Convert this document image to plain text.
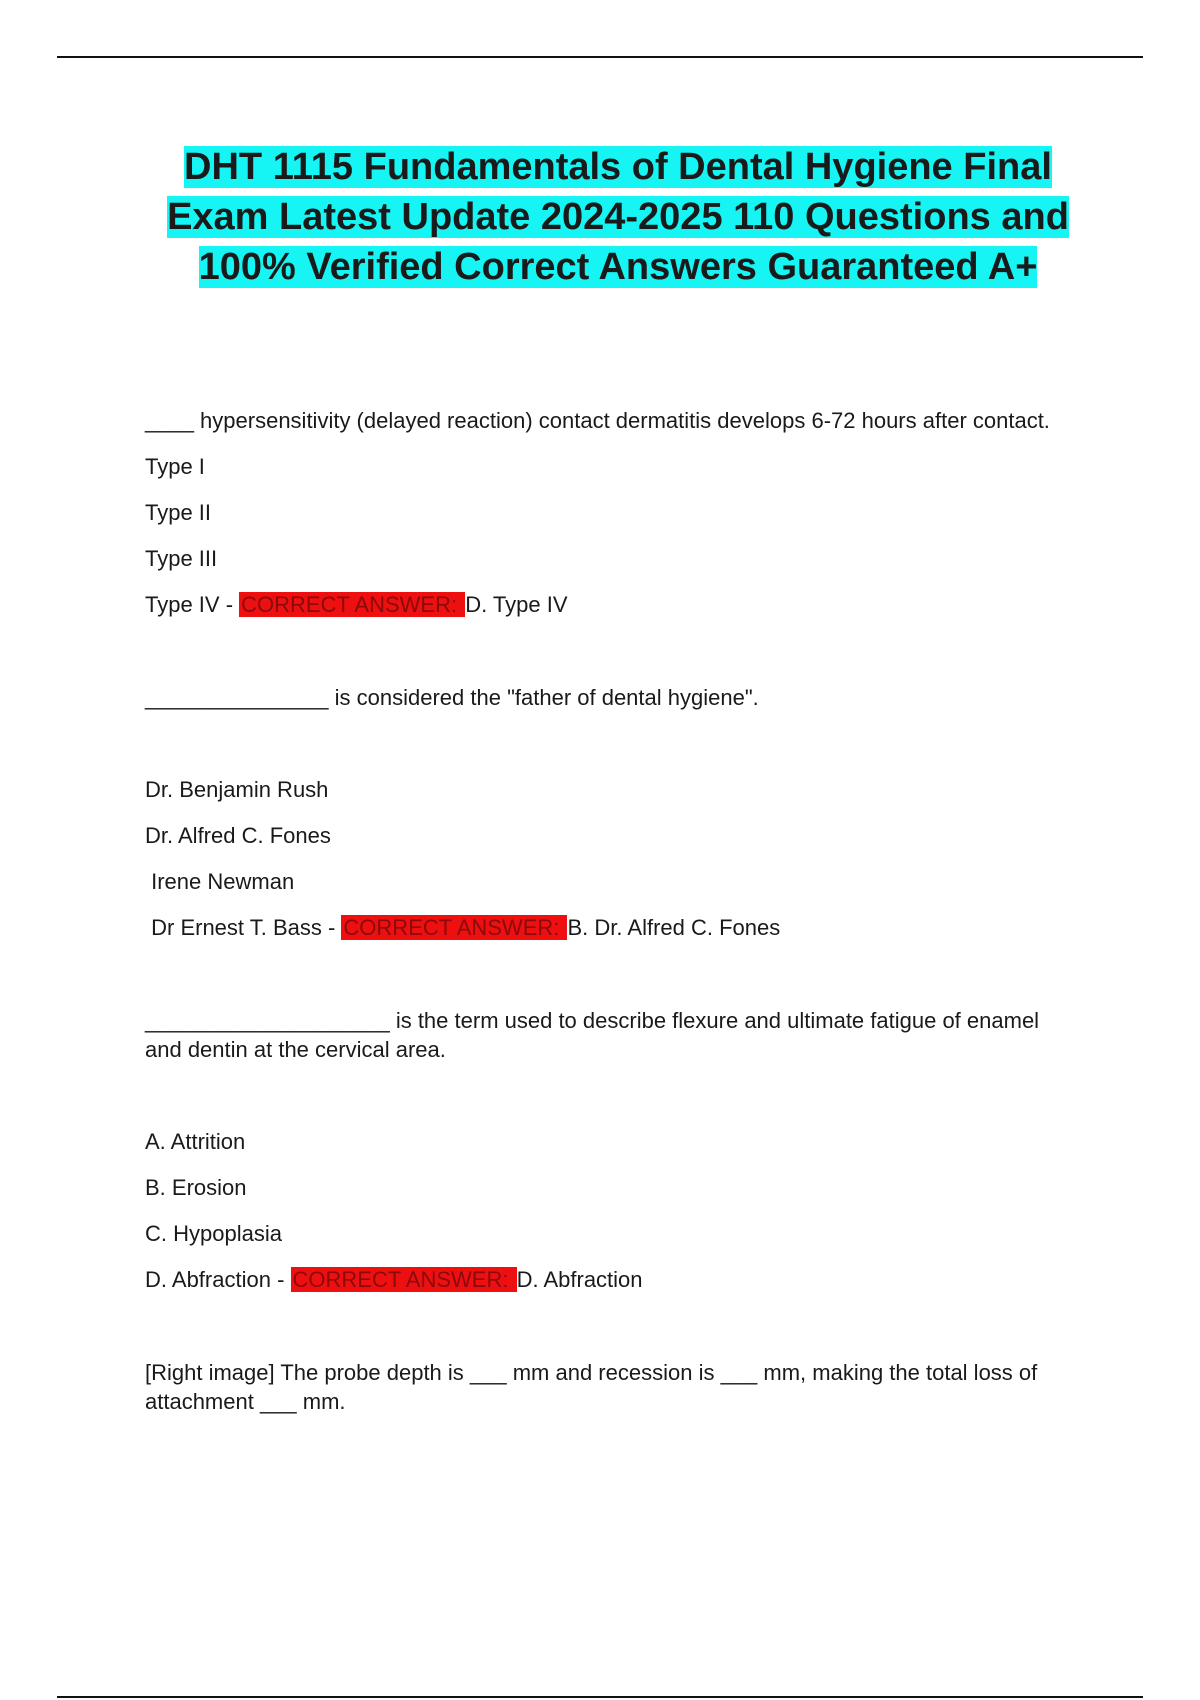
DHT 1115 Fundamentals of Dental Hygiene Final Exam Latest Update 2024-2025 110 Questions and 100% Verified Correct Answers Guaranteed A+

____ hypersensitivity (delayed reaction) contact dermatitis develops 6-72 hours after contact.

Type I

Type II

Type III

Type IV - CORRECT ANSWER: D. Type IV

_______________ is considered the "father of dental hygiene".

Dr. Benjamin Rush

Dr. Alfred C. Fones

Irene Newman

Dr Ernest T. Bass - CORRECT ANSWER: B. Dr. Alfred C. Fones

____________________ is the term used to describe flexure and ultimate fatigue of enamel and dentin at the cervical area.

A. Attrition

B. Erosion

C. Hypoplasia

D. Abfraction - CORRECT ANSWER: D. Abfraction

[Right image] The probe depth is ___ mm and recession is ___ mm, making the total loss of attachment ___ mm.
